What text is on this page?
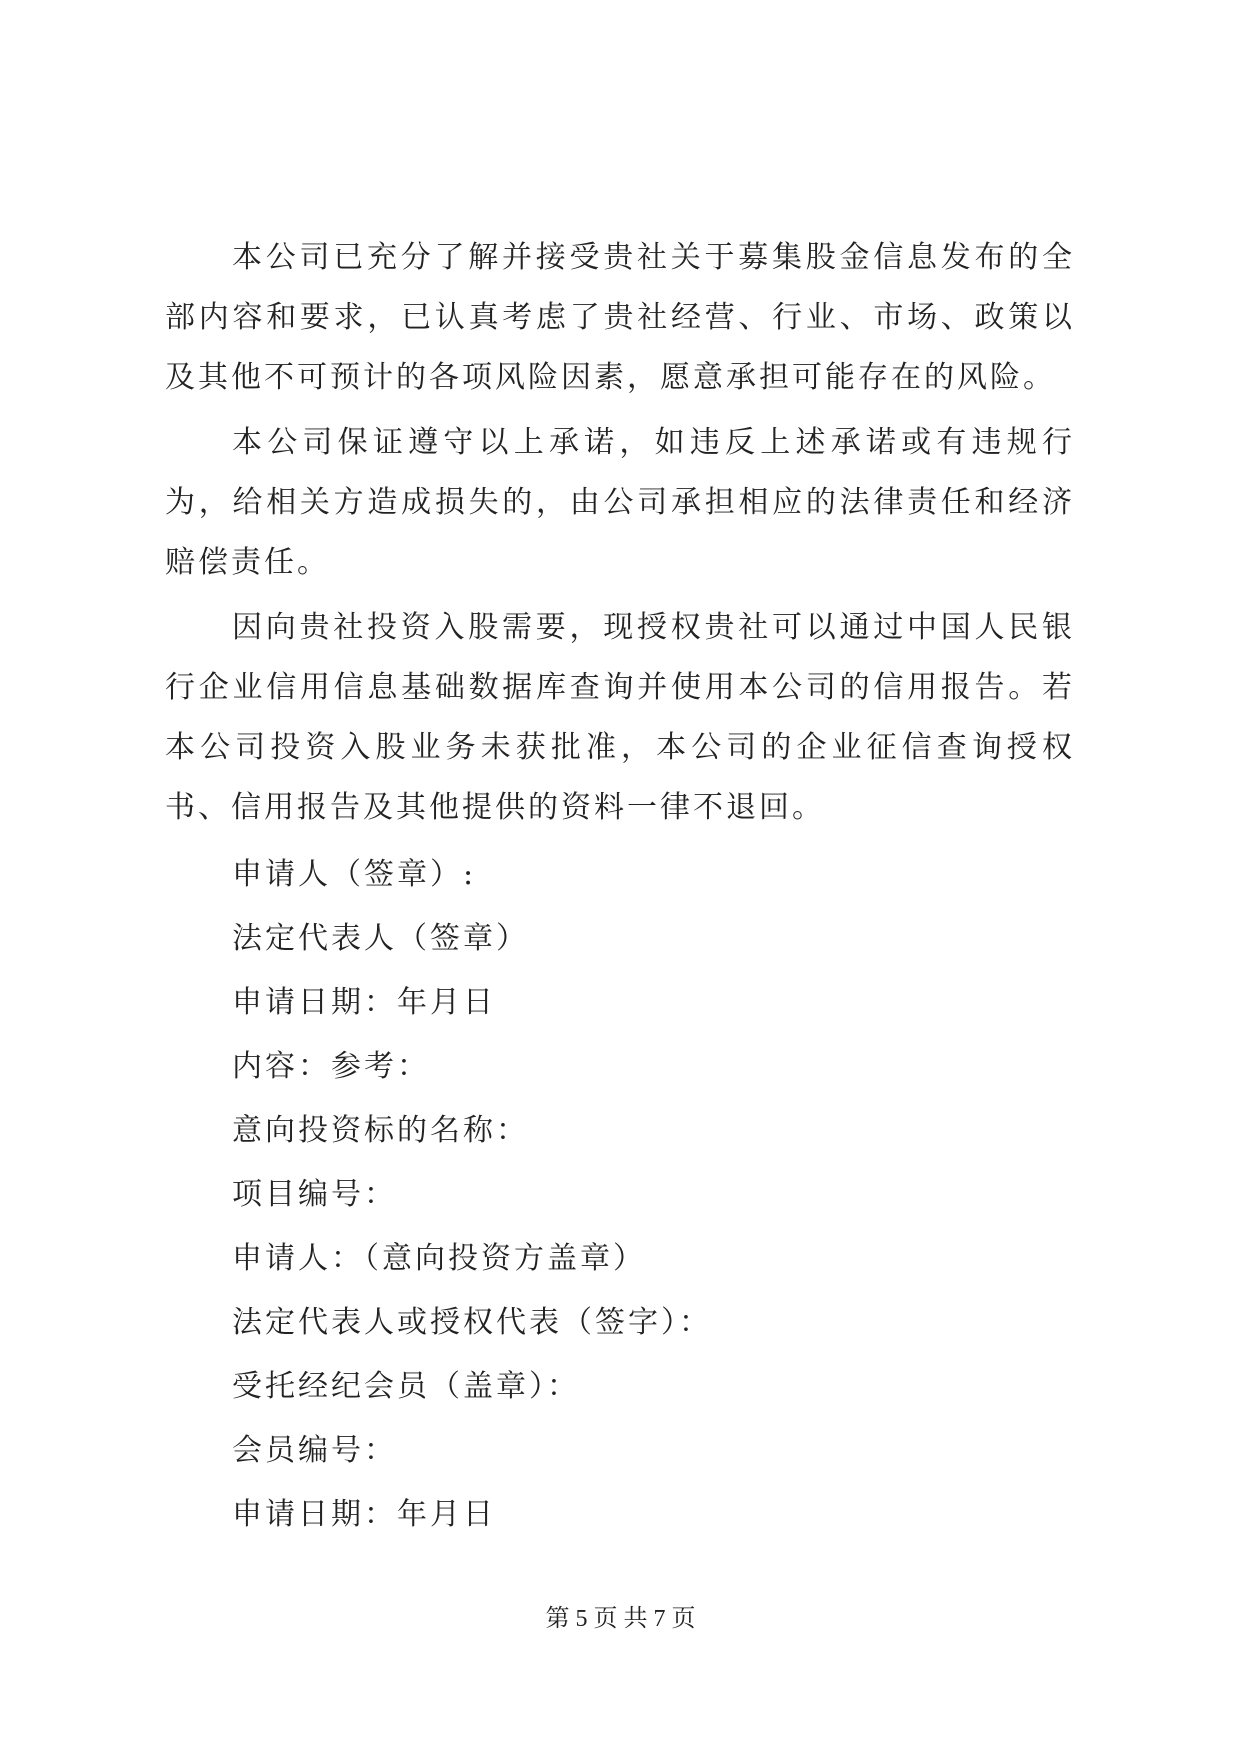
本公司已充分了解并接受贵社关于募集股金信息发布的全部内容和要求，已认真考虑了贵社经营、行业、市场、政策以及其他不可预计的各项风险因素，愿意承担可能存在的风险。

本公司保证遵守以上承诺，如违反上述承诺或有违规行为，给相关方造成损失的，由公司承担相应的法律责任和经济赔偿责任。

因向贵社投资入股需要，现授权贵社可以通过中国人民银行企业信用信息基础数据库查询并使用本公司的信用报告。若本公司投资入股业务未获批准，本公司的企业征信查询授权书、信用报告及其他提供的资料一律不退回。

申请人（签章）:
法定代表人（签章）
申请日期：年月日
内容：参考：
意向投资标的名称：
项目编号：
申请人：（意向投资方盖章）
法定代表人或授权代表（签字）：
受托经纪会员（盖章）：
会员编号：
申请日期：年月日
第 5 页 共 7 页
